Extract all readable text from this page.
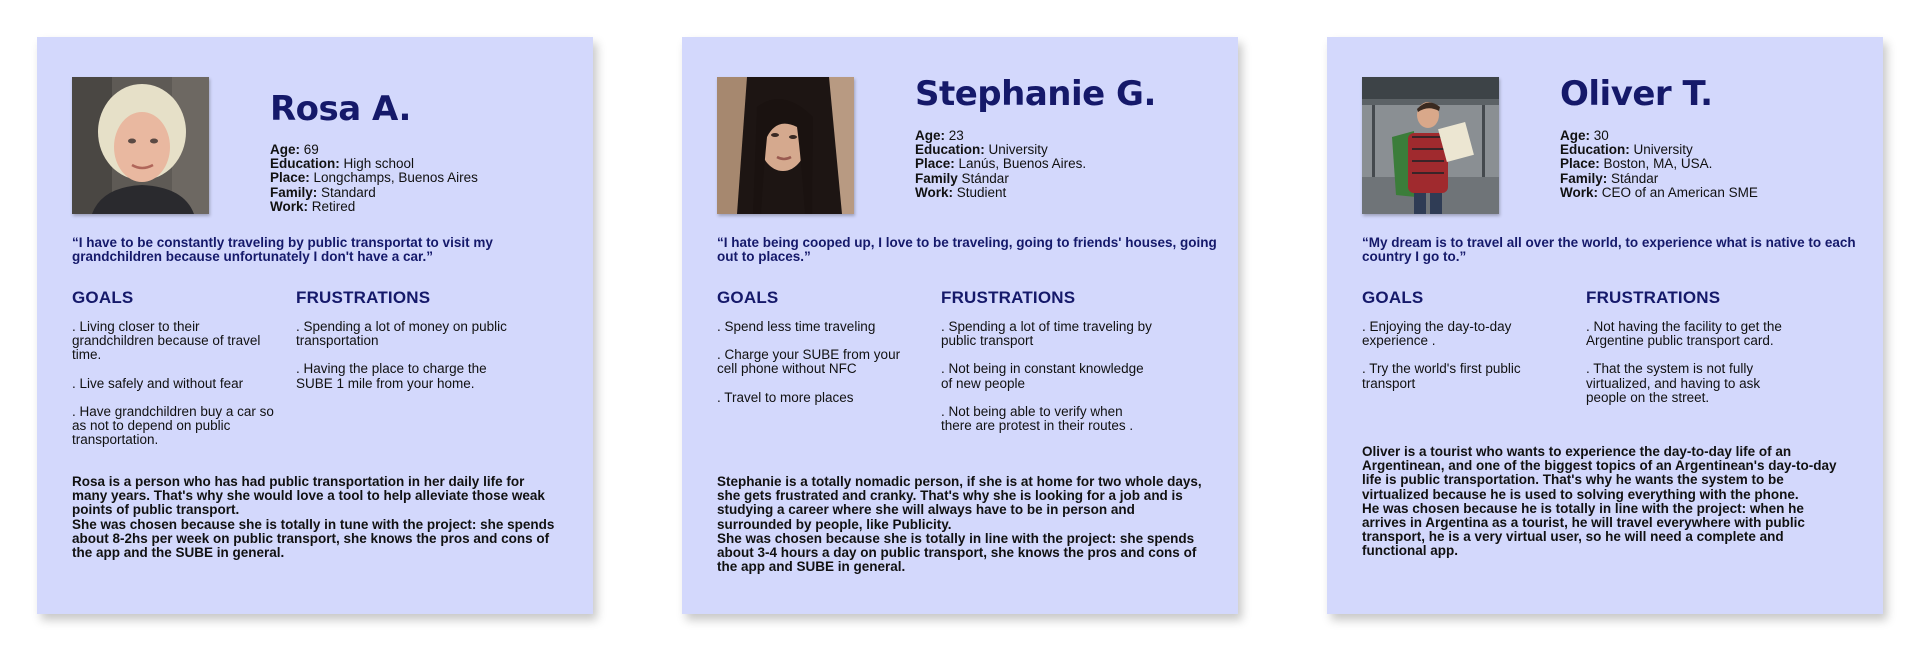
Rosa A.
Age: 69
Education: High school
Place: Longchamps, Buenos Aires
Family: Standard
Work: Retired
“I have to be constantly traveling by public transportat to visit my grandchildren because unfortunately I don't have a car.”
GOALS	FRUSTRATIONS
. Living closer to their grandchildren because of travel time.
. Live safely and without fear
. Have grandchildren buy a car so as not to depend on public transportation.
. Spending a lot of money on public transportation
. Having the place to charge the SUBE 1 mile from your home.

Rosa is a person who has had public transportation in her daily life for many years. That's why she would love a tool to help alleviate those weak points of public transport.

She was chosen because she is totally in tune with the project: she spends about 8-2hs per week on public transport, she knows the pros and cons of the app and the SUBE in general.

Stephanie G.
Age: 23
Education: University
Place: Lanús, Buenos Aires.
Family Stándar
Work: Studient
“I hate being cooped up, I love to be traveling, going to friends' houses, going out to places.”
GOALS	FRUSTRATIONS
. Spend less time traveling
. Charge your SUBE from your cell phone without NFC
. Travel to more places
. Spending a lot of time traveling by public transport
. Not being in constant knowledge of new people
. Not being able to verify when there are protest in their routes .

Stephanie is a totally nomadic person, if she is at home for two whole days, she gets frustrated and cranky. That's why she is looking for a job and is studying a career where she will always have to be in person and surrounded by people, like Publicity.

She was chosen because she is totally in line with the project: she spends about 3-4 hours a day on public transport, she knows the pros and cons of the app and SUBE in general.

Oliver T.
Age: 30
Education: University
Place: Boston, MA, USA.
Family: Stándar
Work: CEO of an American SME
“My dream is to travel all over the world, to experience what is native to each country I go to.”
GOALS	FRUSTRATIONS
. Enjoying the day-to-day experience .
. Try the world's first public transport
. Not having the facility to get the Argentine public transport card.
. That the system is not fully virtualized, and having to ask people on the street.

Oliver is a tourist who wants to experience the day-to-day life of an Argentinean, and one of the biggest topics of an Argentinean's day-to-day life is public transportation. That's why he wants the system to be virtualized because he is used to solving everything with the phone.

He was chosen because he is totally in line with the project: when he arrives in Argentina as a tourist, he will travel everywhere with public transport, he is a very virtual user, so he will need a complete and functional app.
